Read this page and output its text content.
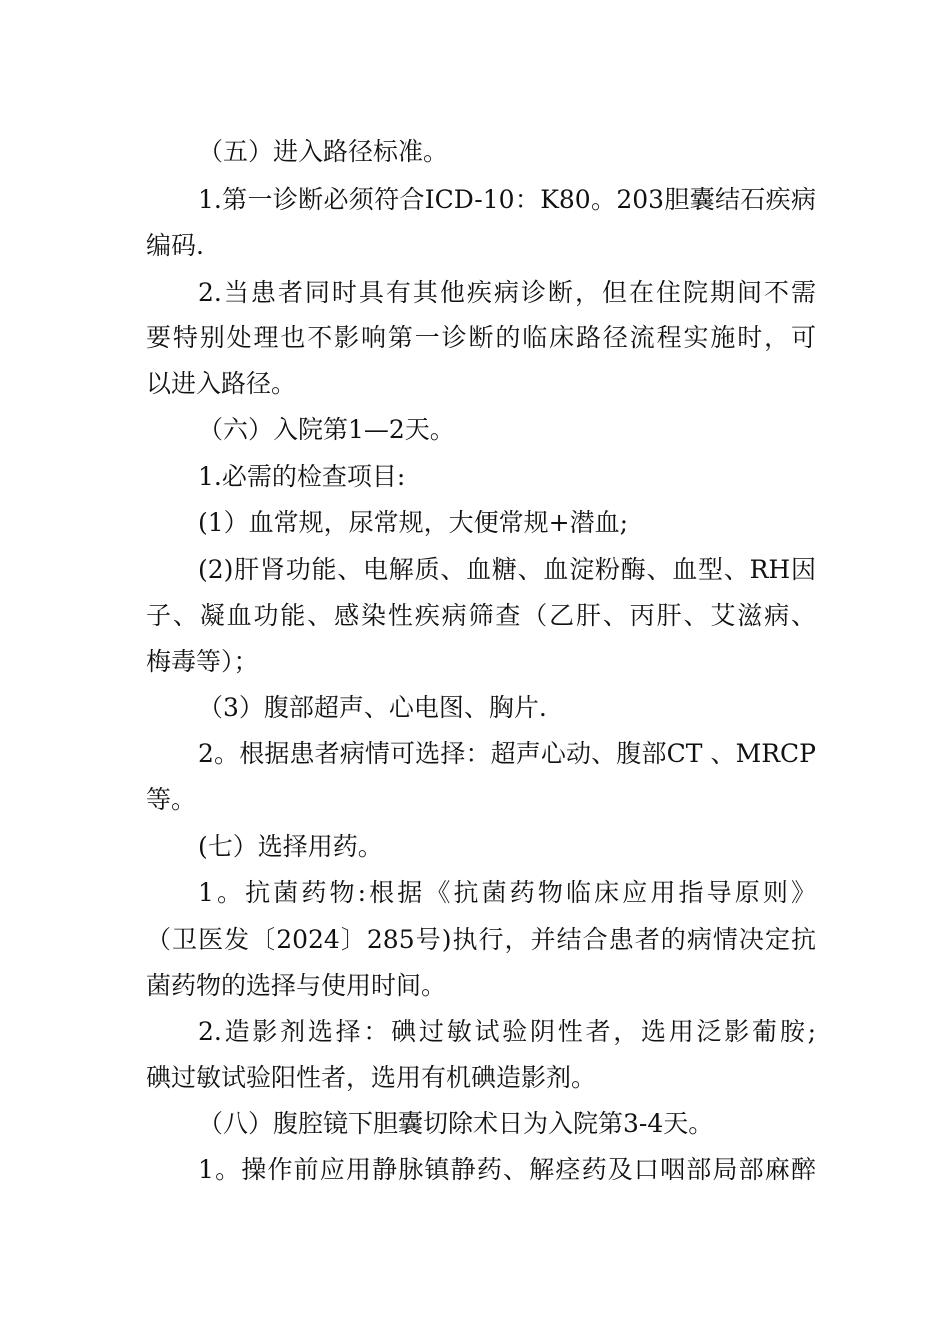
（五）进入路径标准。
1.第一诊断必须符合ICD-10：K80。203胆囊结石疾病
编码.
2.当患者同时具有其他疾病诊断，但在住院期间不需
要特别处理也不影响第一诊断的临床路径流程实施时，可
以进入路径。
（六）入院第1—2天。
1.必需的检查项目:
(1）血常规，尿常规，大便常规+潜血;
(2)肝肾功能、电解质、血糖、血淀粉酶、血型、RH因
子、凝血功能、感染性疾病筛查（乙肝、丙肝、艾滋病、
梅毒等）；
（3）腹部超声、心电图、胸片.
2。根据患者病情可选择：超声心动、腹部CT 、MRCP
等。
(七）选择用药。
1。抗菌药物:根据《抗菌药物临床应用指导原则》
（卫医发〔2024〕285号)执行，并结合患者的病情决定抗
菌药物的选择与使用时间。
2.造影剂选择：碘过敏试验阴性者，选用泛影葡胺;
碘过敏试验阳性者，选用有机碘造影剂。
（八）腹腔镜下胆囊切除术日为入院第3-4天。
1。操作前应用静脉镇静药、解痉药及口咽部局部麻醉
